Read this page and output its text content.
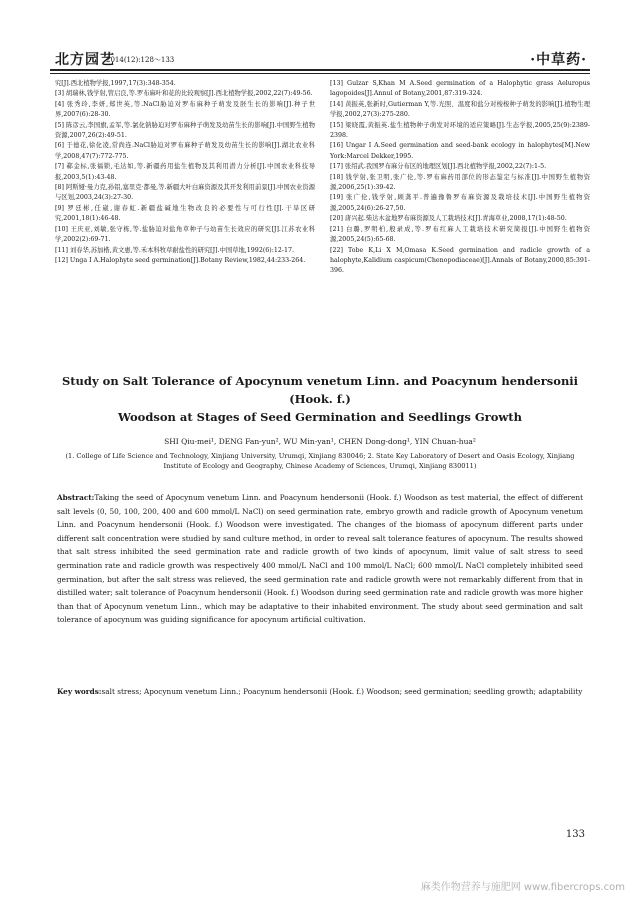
北方园艺
2014(12):128～133	·中草药·

究[J].西北植物学报,1997,17(3):348-354.

[3] 胡瑞林,钱学射,管启良,等.罗布麻叶和花的比较观察[J].西北植物学报,2002,22(7):49-56.

[4] 张秀玲,李妍,郑世英,等.NaCl胁迫对罗布麻种子萌发及胚生长的影响[J].种子世界,2007(6):28-30.

[5] 陈彦云,李国旗,孟军,等.氯化钠胁迫对罗布麻种子萌发及幼苗生长的影响[J].中国野生植物资源,2007,26(2):49-51.

[6] 于德花,徐化凌,常尚连.NaCl胁迫对罗布麻种子萌发及幼苗生长的影响[J].湖北农业科学,2008,47(7):772-775.

[7] 郗金标,张福锁,毛达如,等.新疆药用盐生植物及其利用潜力分析[J].中国农业科技导报,2003,5(1):43-48.

[8] 阿斯娅·曼力克,孙铝,塞里克·都曼,等.新疆大叶白麻资源及其开发利用前景[J].中国农业资源与区划,2003,24(3):27-30.

[9] 罗廷彬,任崴,谢春虹.新疆盐碱地生物改良的必要性与可行性[J].干旱区研究,2001,18(1):46-48.

[10] 王庆亚,刘敏,张守栋,等.盐胁迫对盐角草种子与幼苗生长效应的研究[J].江苏农业科学,2002(2):69-71.

[11] 刘春华,苏加楷,黄文惠,等.禾本科牧草耐盐性的研究[J].中国草地,1992(6):12-17.

[12] Unga I A.Halophyte seed germination[J].Botany Review,1982,44:233-264.

[13] Gulzar S,Khan M A.Seed germination of a Halophytic grass Aeluropus lagopoides[J].Annul of Botany,2001,87:319-324.

[14] 黄振英,张新时,Gutierman Y,等.光照、温度和盐分对梭梭种子萌发的影响[J].植物生理学报,2002,27(3):275-280.

[15] 梁晓霞,黄振英.盐生植物种子萌发对环境的适应策略[J].生态学报,2005,25(9):2389-2398.

[16] Ungar I A.Seed germination and seed-bank ecology in halophytes[M].New York:Marcel Dekker,1995.

[17] 张绍武.我国罗布麻分布区的地理区划[J].西北植物学报,2002,22(7):1-5.

[18] 钱学射,张卫明,张广伦,等.罗布麻药用部位的形态鉴定与标准[J].中国野生植物资源,2006,25(1):39-42.

[19] 张广伦,钱学射,顾龚平.普遍豫鲁罗布麻资源及栽培技术[J].中国野生植物资源,2005,24(6):26-27,50.

[20] 唐兴起.柴达木盆地罗布麻资源及人工栽培技术[J].青海草业,2008,17(1):48-50.

[21] 白璐,罗明柏,殷录成,等.罗布红麻人工栽培技术研究简报[J].中国野生植物资源,2005,24(5):65-68.

[22] Tobe K,Li X M,Omasa K.Seed germination and radicle growth of a halophyte,Kalidium caspicum(Chenopodiaceae)[J].Annals of Botany,2000,85:391-396.

Study on Salt Tolerance of Apocynum venetum Linn. and Poacynum hendersonii (Hook. f.)
Woodson at Stages of Seed Germination and Seedlings Growth

SHI Qiu-mei¹, DENG Fan-yun², WU Min-yan¹, CHEN Dong-dong¹, YIN Chuan-hua²

(1. College of Life Science and Technology, Xinjiang University, Urumqi, Xinjiang 830046; 2. State Key Laboratory of Desert and Oasis Ecology, Xinjiang Institute of Ecology and Geography, Chinese Academy of Sciences, Urumqi, Xinjiang 830011)

Abstract:Taking the seed of Apocynum venetum Linn. and Poacynum hendersonii (Hook. f.) Woodson as test material, the effect of different salt levels (0, 50, 100, 200, 400 and 600 mmol/L NaCl) on seed germination rate, embryo growth and radicle growth of Apocynum venetum Linn. and Poacynum hendersonii (Hook. f.) Woodson were investigated. The changes of the biomass of apocynum different parts under different salt concentration were studied by sand culture method, in order to reveal salt tolerance features of apocynum. The results showed that salt stress inhibited the seed germination rate and radicle growth of two kinds of apocynum, limit value of salt stress to seed germination rate and radicle growth was respectively 400 mmol/L NaCl and 100 mmol/L NaCl; 600 mmol/L NaCl completely inhibited seed germination, but after the salt stress was relieved, the seed germination rate and radicle growth were not remarkably different from that in distilled water; salt tolerance of Poacynum hendersonii (Hook. f.) Woodson during seed germination rate and radicle growth was more higher than that of Apocynum venetum Linn., which may be adaptative to their inhabited environment. The study about seed germination and salt tolerance of apocynum was guiding significance for apocynum artificial cultivation.

Key words:salt stress; Apocynum venetum Linn.; Poacynum hendersonii (Hook. f.) Woodson; seed germination; seedling growth; adaptability

133
麻类作物营养与施肥网 www.fibercrops.com
